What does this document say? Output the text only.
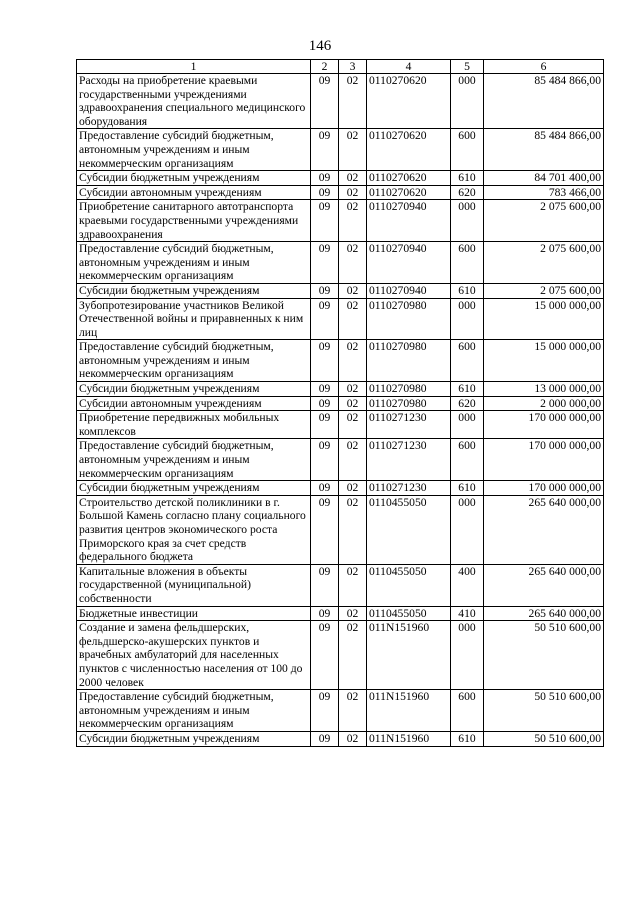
146
1	2	3	4	5	6
Расходы на приобретение краевыми государственными учреждениями здравоохранения специального медицинского оборудования	09	02	0110270620	000	85 484 866,00
Предоставление субсидий бюджетным, автономным учреждениям и иным некоммерческим организациям	09	02	0110270620	600	85 484 866,00
Субсидии бюджетным учреждениям	09	02	0110270620	610	84 701 400,00
Субсидии автономным учреждениям	09	02	0110270620	620	783 466,00
Приобретение санитарного автотранспорта краевыми государственными учреждениями здравоохранения	09	02	0110270940	000	2 075 600,00
Предоставление субсидий бюджетным, автономным учреждениям и иным некоммерческим организациям	09	02	0110270940	600	2 075 600,00
Субсидии бюджетным учреждениям	09	02	0110270940	610	2 075 600,00
Зубопротезирование участников Великой Отечественной войны и приравненных к ним лиц	09	02	0110270980	000	15 000 000,00
Предоставление субсидий бюджетным, автономным учреждениям и иным некоммерческим организациям	09	02	0110270980	600	15 000 000,00
Субсидии бюджетным учреждениям	09	02	0110270980	610	13 000 000,00
Субсидии автономным учреждениям	09	02	0110270980	620	2 000 000,00
Приобретение передвижных мобильных комплексов	09	02	0110271230	000	170 000 000,00
Предоставление субсидий бюджетным, автономным учреждениям и иным некоммерческим организациям	09	02	0110271230	600	170 000 000,00
Субсидии бюджетным учреждениям	09	02	0110271230	610	170 000 000,00
Строительство детской поликлиники в г. Большой Камень согласно плану социального развития центров экономического роста Приморского края за счет средств федерального бюджета	09	02	0110455050	000	265 640 000,00
Капитальные вложения в объекты государственной (муниципальной) собственности	09	02	0110455050	400	265 640 000,00
Бюджетные инвестиции	09	02	0110455050	410	265 640 000,00
Создание и замена фельдшерских, фельдшерско-акушерских пунктов и врачебных амбулаторий для населенных пунктов с численностью населения от 100 до 2000 человек	09	02	011N151960	000	50 510 600,00
Предоставление субсидий бюджетным, автономным учреждениям и иным некоммерческим организациям	09	02	011N151960	600	50 510 600,00
Субсидии бюджетным учреждениям	09	02	011N151960	610	50 510 600,00
